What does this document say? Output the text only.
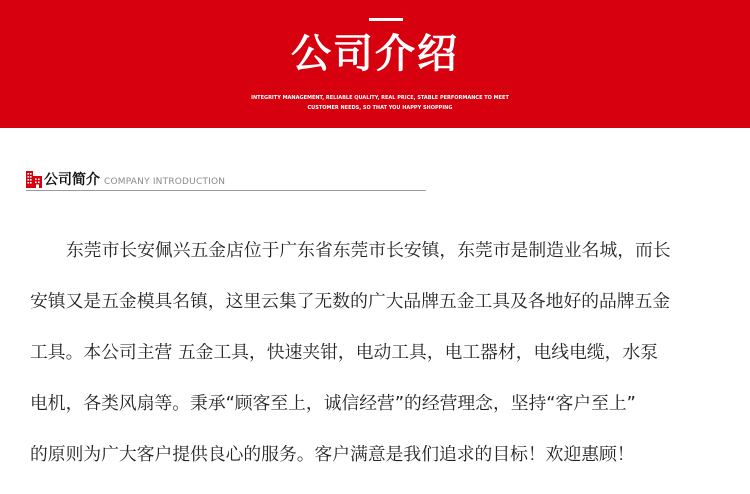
公司介绍
INTEGRITY MANAGEMENT, RELIABLE QUALITY, REAL PRICE, STABLE PERFORMANCE TO MEET
CUSTOMER NEEDS, SO THAT YOU HAPPY SHOPPING
公司简介 COMPANY INTRODUCTION
东莞市长安佩兴五金店位于广东省东莞市长安镇，东莞市是制造业名城，而长
安镇又是五金模具名镇，这里云集了无数的广大品牌五金工具及各地好的品牌五金
工具。本公司主营 五金工具，快速夹钳，电动工具，电工器材，电线电缆，水泵
电机，各类风扇等。秉承“顾客至上，诚信经营”的经营理念，坚持“客户至上”
的原则为广大客户提供良心的服务。客户满意是我们追求的目标！欢迎惠顾！
